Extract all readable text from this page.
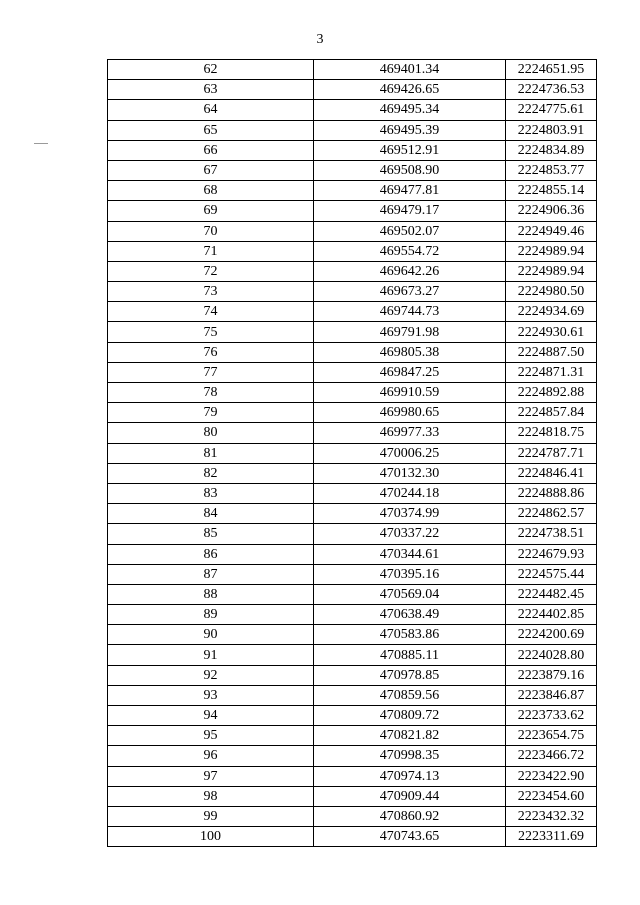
3
62	469401.34	2224651.95
63	469426.65	2224736.53
64	469495.34	2224775.61
65	469495.39	2224803.91
66	469512.91	2224834.89
67	469508.90	2224853.77
68	469477.81	2224855.14
69	469479.17	2224906.36
70	469502.07	2224949.46
71	469554.72	2224989.94
72	469642.26	2224989.94
73	469673.27	2224980.50
74	469744.73	2224934.69
75	469791.98	2224930.61
76	469805.38	2224887.50
77	469847.25	2224871.31
78	469910.59	2224892.88
79	469980.65	2224857.84
80	469977.33	2224818.75
81	470006.25	2224787.71
82	470132.30	2224846.41
83	470244.18	2224888.86
84	470374.99	2224862.57
85	470337.22	2224738.51
86	470344.61	2224679.93
87	470395.16	2224575.44
88	470569.04	2224482.45
89	470638.49	2224402.85
90	470583.86	2224200.69
91	470885.11	2224028.80
92	470978.85	2223879.16
93	470859.56	2223846.87
94	470809.72	2223733.62
95	470821.82	2223654.75
96	470998.35	2223466.72
97	470974.13	2223422.90
98	470909.44	2223454.60
99	470860.92	2223432.32
100	470743.65	2223311.69
